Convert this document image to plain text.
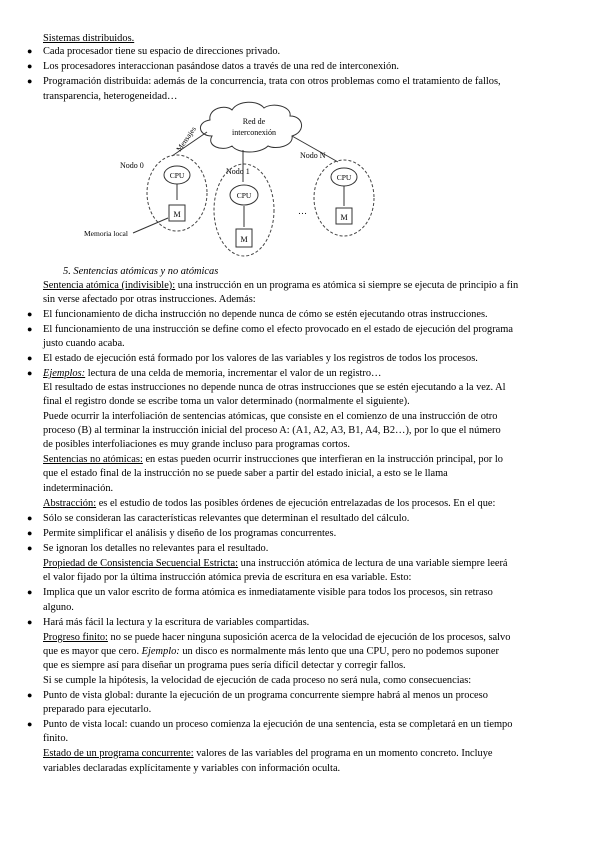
Sistemas distribuidos.
● Cada procesador tiene su espacio de direcciones privado.
● Los procesadores interaccionan pasándose datos a través de una red de interconexión.
● Programación distribuida: además de la concurrencia, trata con otros problemas como el tratamiento de fallos,
transparencia, heterogeneidad…
Red de
interconexión
Mensajes
Nodo 0
Nodo 1
Nodo N
CPU
M
CPU
M
…
CPU
M
Memoria local
5. Sentencias atómicas y no atómicas
Sentencia atómica (indivisible): una instrucción en un programa es atómica si siempre se ejecuta de principio a fin
sin verse afectado por otras instrucciones. Además:
● El funcionamiento de dicha instrucción no depende nunca de cómo se estén ejecutando otras instrucciones.
● El funcionamiento de una instrucción se define como el efecto provocado en el estado de ejecución del programa
justo cuando acaba.
● El estado de ejecución está formado por los valores de las variables y los registros de todos los procesos.
● Ejemplos: lectura de una celda de memoria, incrementar el valor de un registro…
El resultado de estas instrucciones no depende nunca de otras instrucciones que se estén ejecutando a la vez. Al
final el registro donde se escribe toma un valor determinado (normalmente el siguiente).
Puede ocurrir la interfoliación de sentencias atómicas, que consiste en el comienzo de una instrucción de otro
proceso (B) al terminar la instrucción inicial del proceso A: (A1, A2, A3, B1, A4, B2…), por lo que el número
de posibles interfoliaciones es muy grande incluso para programas cortos.
Sentencias no atómicas: en estas pueden ocurrir instrucciones que interfieran en la instrucción principal, por lo
que el estado final de la instrucción no se puede saber a partir del estado inicial, a esto se le llama
indeterminación.
Abstracción: es el estudio de todos las posibles órdenes de ejecución entrelazadas de los procesos. En el que:
● Sólo se consideran las características relevantes que determinan el resultado del cálculo.
● Permite simplificar el análisis y diseño de los programas concurrentes.
● Se ignoran los detalles no relevantes para el resultado.
Propiedad de Consistencia Secuencial Estricta: una instrucción atómica de lectura de una variable siempre leerá
el valor fijado por la última instrucción atómica previa de escritura en esa variable. Esto:
● Implica que un valor escrito de forma atómica es inmediatamente visible para todos los procesos, sin retraso
alguno.
● Hará más fácil la lectura y la escritura de variables compartidas.
Progreso finito: no se puede hacer ninguna suposición acerca de la velocidad de ejecución de los procesos, salvo
que es mayor que cero. Ejemplo: un disco es normalmente más lento que una CPU, pero no podemos suponer
que es siempre así para diseñar un programa pues sería difícil detectar y corregir fallos.
Si se cumple la hipótesis, la velocidad de ejecución de cada proceso no será nula, como consecuencias:
● Punto de vista global: durante la ejecución de un programa concurrente siempre habrá al menos un proceso
preparado para ejecutarlo.
● Punto de vista local: cuando un proceso comienza la ejecución de una sentencia, esta se completará en un tiempo
finito.
Estado de un programa concurrente: valores de las variables del programa en un momento concreto. Incluye
variables declaradas explícitamente y variables con información oculta.
